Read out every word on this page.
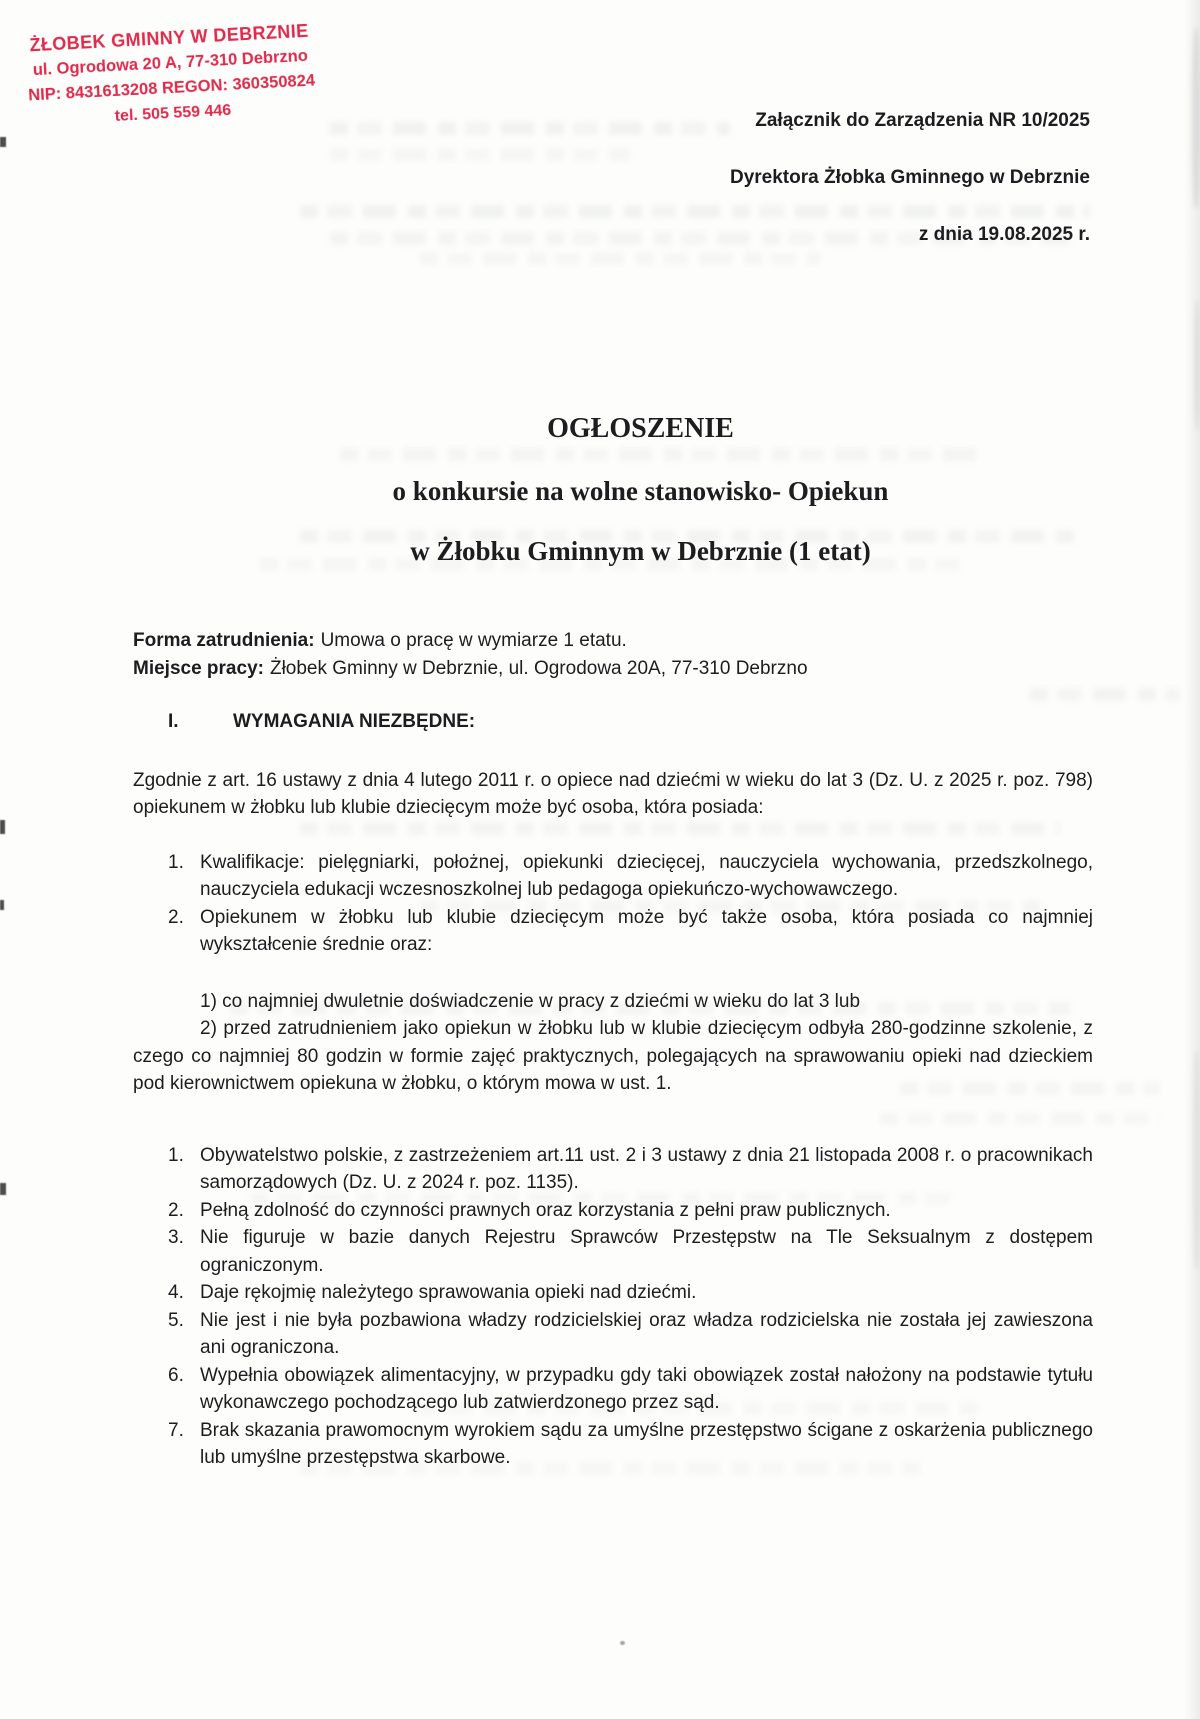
ŻŁOBEK GMINNY W DEBRZNIE
ul. Ogrodowa 20 A, 77-310 Debrzno
NIP: 8431613208 REGON: 360350824
tel. 505 559 446	Załącznik do Zarządzenia NR 10/2025
Dyrektora Żłobka Gminnego w Debrznie
z dnia 19.08.2025 r.
OGŁOSZENIE
o konkursie na wolne stanowisko- Opiekun
w Żłobku Gminnym w Debrznie (1 etat)
Forma zatrudnienia: Umowa o pracę w wymiarze 1 etatu.
Miejsce pracy: Żłobek Gminny w Debrznie, ul. Ogrodowa 20A, 77-310 Debrzno
I.	WYMAGANIA NIEZBĘDNE:
Zgodnie z art. 16 ustawy z dnia 4 lutego 2011 r. o opiece nad dziećmi w wieku do lat 3 (Dz. U. z 2025 r. poz. 798) opiekunem w żłobku lub klubie dziecięcym może być osoba, która posiada:
1. Kwalifikacje: pielęgniarki, położnej, opiekunki dziecięcej, nauczyciela wychowania, przedszkolnego, nauczyciela edukacji wczesnoszkolnej lub pedagoga opiekuńczo-wychowawczego.
2. Opiekunem w żłobku lub klubie dziecięcym może być także osoba, która posiada co najmniej wykształcenie średnie oraz:
1) co najmniej dwuletnie doświadczenie w pracy z dziećmi w wieku do lat 3 lub
2) przed zatrudnieniem jako opiekun w żłobku lub w klubie dziecięcym odbyła 280-godzinne szkolenie, z czego co najmniej 80 godzin w formie zajęć praktycznych, polegających na sprawowaniu opieki nad dzieckiem pod kierownictwem opiekuna w żłobku, o którym mowa w ust. 1.
1. Obywatelstwo polskie, z zastrzeżeniem art.11 ust. 2 i 3 ustawy z dnia 21 listopada 2008 r. o pracownikach samorządowych (Dz. U. z 2024 r. poz. 1135).
2. Pełną zdolność do czynności prawnych oraz korzystania z pełni praw publicznych.
3. Nie figuruje w bazie danych Rejestru Sprawców Przestępstw na Tle Seksualnym z dostępem ograniczonym.
4. Daje rękojmię należytego sprawowania opieki nad dziećmi.
5. Nie jest i nie była pozbawiona władzy rodzicielskiej oraz władza rodzicielska nie została jej zawieszona ani ograniczona.
6. Wypełnia obowiązek alimentacyjny, w przypadku gdy taki obowiązek został nałożony na podstawie tytułu wykonawczego pochodzącego lub zatwierdzonego przez sąd.
7. Brak skazania prawomocnym wyrokiem sądu za umyślne przestępstwo ścigane z oskarżenia publicznego lub umyślne przestępstwa skarbowe.
